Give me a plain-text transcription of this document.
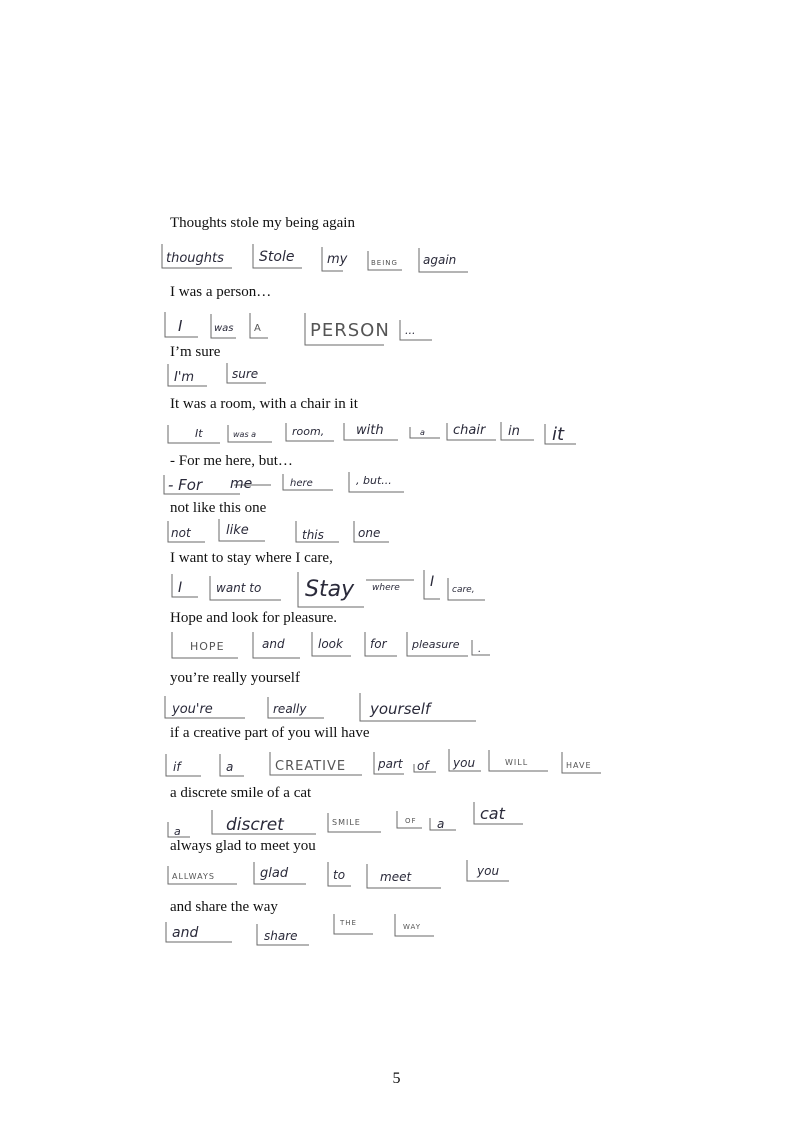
Thoughts stole my being again

I was a person…

I’m sure

It was a room, with a chair in it

- For me here, but…

not like this one

I want to stay where I care,

Hope and look for pleasure.

you’re really yourself

if a creative part of you will have

a discrete smile of a cat

always glad to meet you

and share the way

thoughts	Stole	my	BEING again
I	was A	PERSON ...
I'm	sure
It	was a	room, with	a chair in it
- For me	here	, but...
not	like	this	one
I	want to Stay where I care,
HOPE	and	look for pleasure .
you're	really	yourself
if	a	CREATIVE	part of you	WILL	HAVE
a	discret	SMILE	OF a
cat
ALLWAYS	glad	to	meet	you
and	share
THE	WAY
5
